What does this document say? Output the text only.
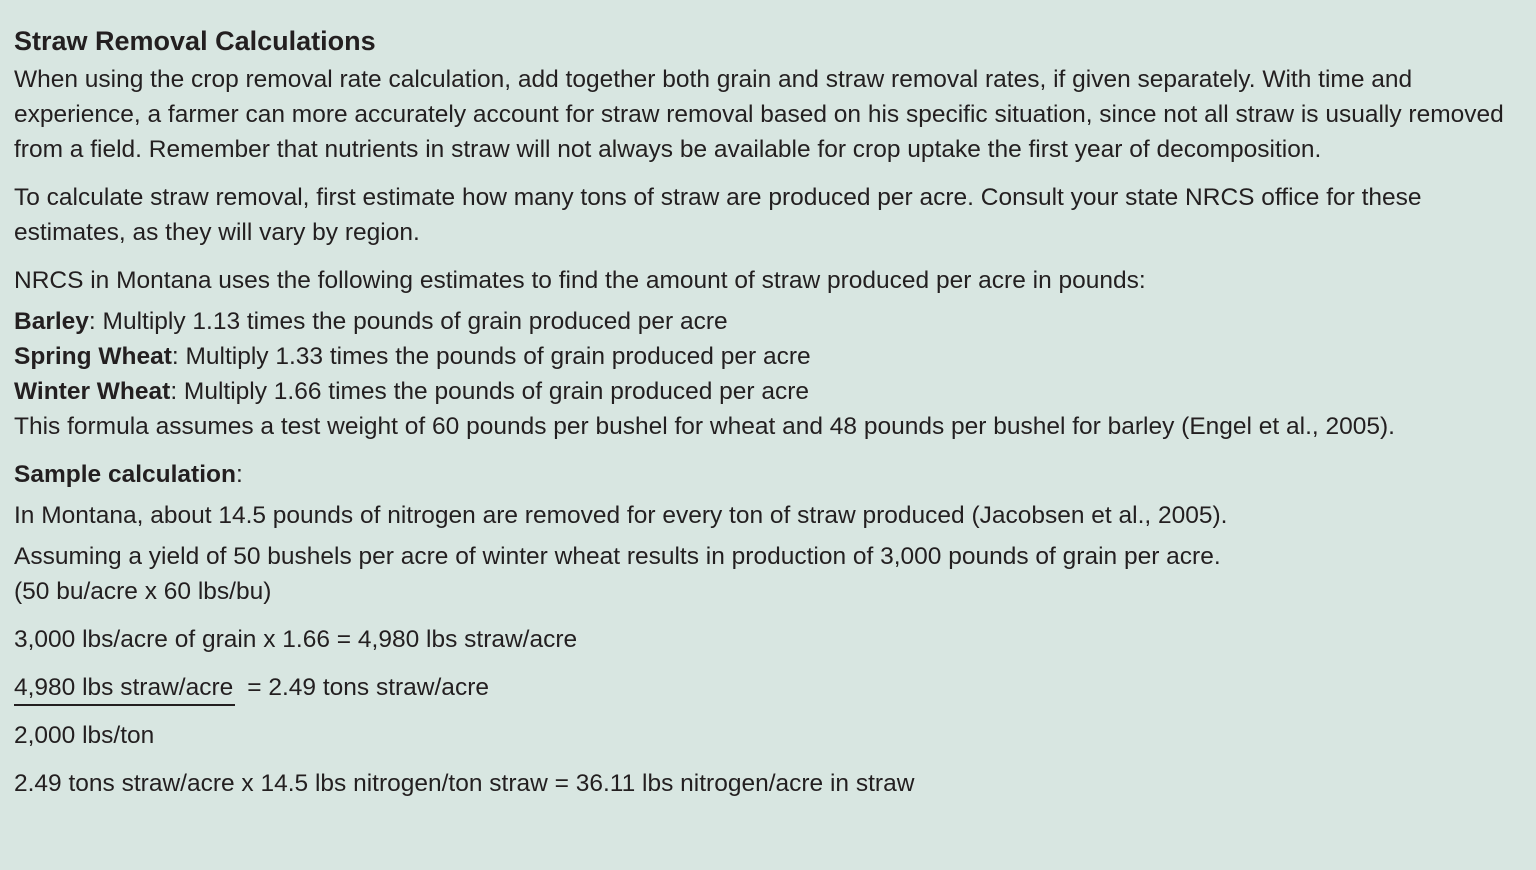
Straw Removal Calculations

When using the crop removal rate calculation, add together both grain and straw removal rates, if given separately. With time and experience, a farmer can more accurately account for straw removal based on his specific situation, since not all straw is usually removed from a field. Remember that nutrients in straw will not always be available for crop uptake the first year of decomposition.

To calculate straw removal, first estimate how many tons of straw are produced per acre. Consult your state NRCS office for these estimates, as they will vary by region.

NRCS in Montana uses the following estimates to find the amount of straw produced per acre in pounds:

Barley: Multiply 1.13 times the pounds of grain produced per acre

Spring Wheat: Multiply 1.33 times the pounds of grain produced per acre

Winter Wheat: Multiply 1.66 times the pounds of grain produced per acre

This formula assumes a test weight of 60 pounds per bushel for wheat and 48 pounds per bushel for barley (Engel et al., 2005).

Sample calculation:

In Montana, about 14.5 pounds of nitrogen are removed for every ton of straw produced (Jacobsen et al., 2005).

Assuming a yield of 50 bushels per acre of winter wheat results in production of 3,000 pounds of grain per acre.

(50 bu/acre x 60 lbs/bu)

3,000 lbs/acre of grain x 1.66 = 4,980 lbs straw/acre

4,980 lbs straw/acre = 2.49 tons straw/acre

2,000 lbs/ton

2.49 tons straw/acre x 14.5 lbs nitrogen/ton straw = 36.11 lbs nitrogen/acre in straw
